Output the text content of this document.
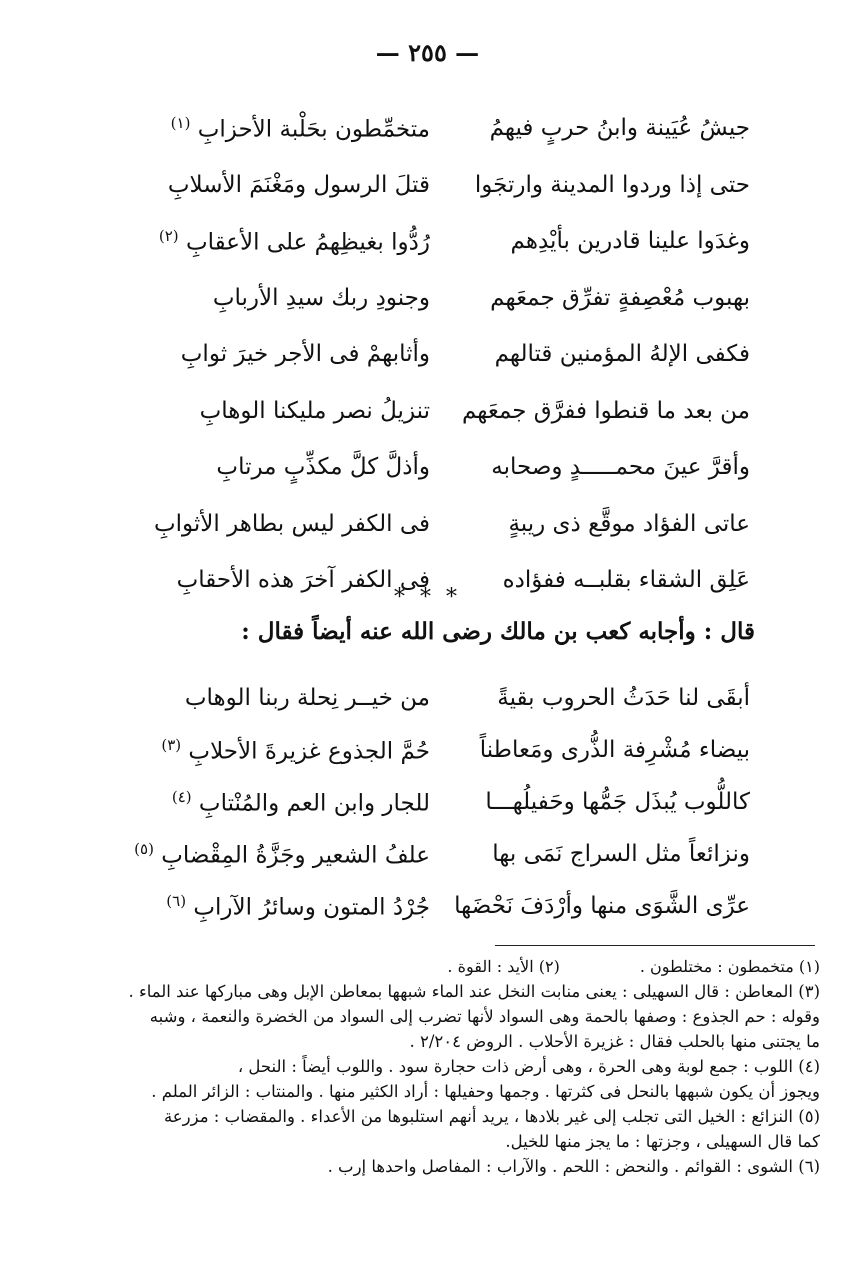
— ٢٥٥ —
جيشُ عُيَينة وابنُ حربٍ فيهمُ
متخمِّطون بحَلْبة الأحزابِ $^{(١)}$
حتى إذا وردوا المدينة وارتجَوا
قتلَ الرسول ومَغْنَمَ الأسلابِ
وغدَوا علينا قادرين بأيْدِهم
رُدُّوا بغيظِهمُ على الأعقابِ $^{(٢)}$
بهبوب مُعْصِفةٍ تفرِّق جمعَهم
وجنودِ ربك سيدِ الأربابِ
فكفى الإلهُ المؤمنين قتالهم
وأثابهمْ فى الأجر خيرَ ثوابِ
من بعد ما قنطوا ففرَّق جمعَهم
تنزيلُ نصر مليكنا الوهابِ
وأقرَّ عينَ محمـــــدٍ وصحابه
وأذلَّ كلَّ مكذِّبٍ مرتابِ
عاتى الفؤاد موقَّع ذى ريبةٍ
فى الكفر ليس بطاهر الأثوابِ
عَلِق الشقاء بقلبــه ففؤاده
فى الكفر آخرَ هذه الأحقابِ
* * *
قال : وأجابه كعب بن مالك رضى الله عنه أيضاً فقال :
أبقَى لنا حَدَثُ الحروب بقيةً
من خيــر نِحلة ربنا الوهاب
بيضاء مُشْرِفة الذُّرى ومَعاطناً
حُمَّ الجذوع غزيرةَ الأحلابِ $^{(٣)}$
كاللُّوب يُبذَل جَمُّها وحَفيلُهـــا
للجار وابن العم والمُنْتابِ $^{(٤)}$
ونزائعاً مثل السراج نَمَى بها
علفُ الشعير وجَزَّةُ المِقْضابِ $^{(٥)}$
عرِّى الشَّوَى منها وأرْدَفَ نَحْضَها
جُرْدُ المتون وسائرُ الآرابِ $^{(٦)}$
(١) متخمطون : مختلطون .(٢) الأيد : القوة .
(٣) المعاطن : قال السهيلى : يعنى منابت النخل عند الماء شبهها بمعاطن الإبل وهى مباركها عند الماء .
وقوله : حم الجذوع : وصفها بالحمة وهى السواد لأنها تضرب إلى السواد من الخضرة والنعمة ، وشبه
ما يجتنى منها بالحلب فقال : غزيرة الأحلاب . الروض ٢/٢٠٤ .
(٤) اللوب : جمع لوبة وهى الحرة ، وهى أرض ذات حجارة سود . واللوب أيضاً : النحل ،
ويجوز أن يكون شبهها بالنحل فى كثرتها . وجمها وحفيلها : أراد الكثير منها . والمنتاب : الزائر الملم .
(٥) النزائع : الخيل التى تجلب إلى غير بلادها ، يريد أنهم استلبوها من الأعداء . والمقضاب : مزرعة
كما قال السهيلى ، وجزتها : ما يجز منها للخيل.
(٦) الشوى : القوائم . والنحض : اللحم . والآراب : المفاصل واحدها إرب .
